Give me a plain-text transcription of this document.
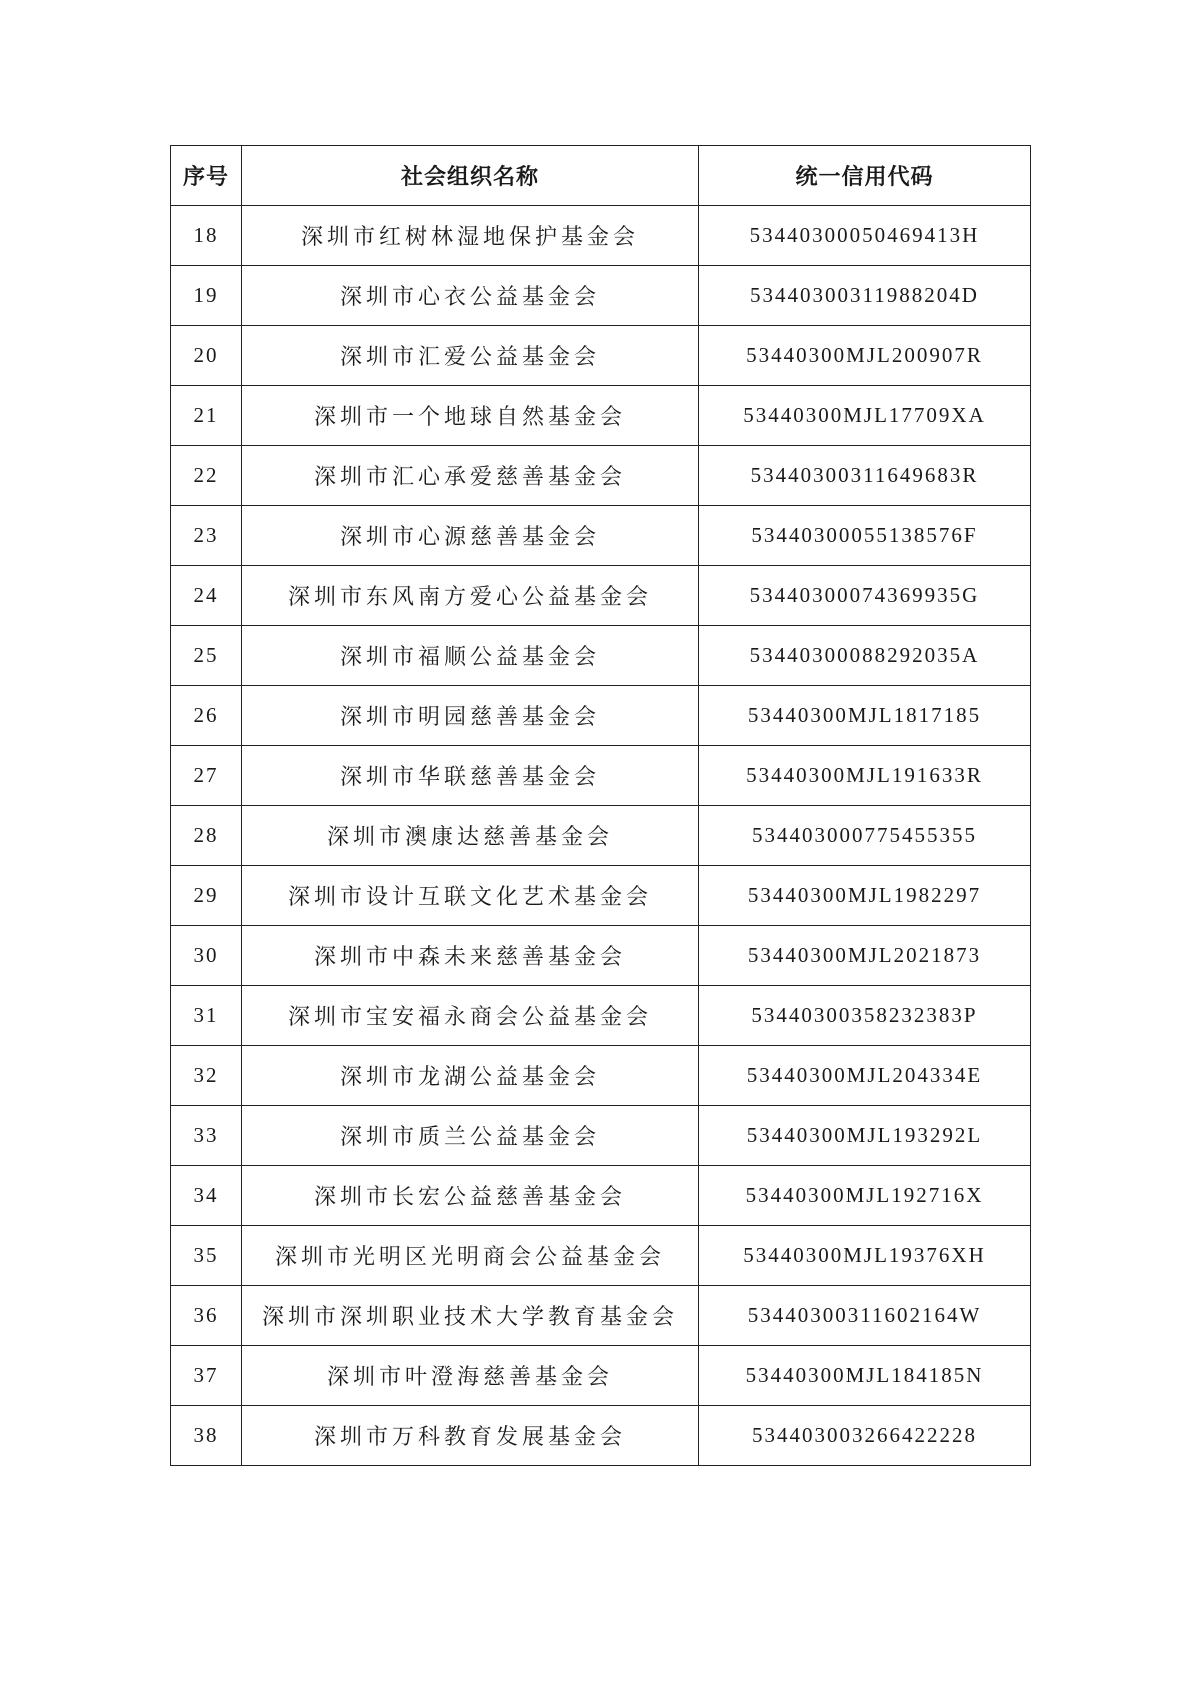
序号	社会组织名称	统一信用代码
18	深圳市红树林湿地保护基金会	53440300050469413H
19	深圳市心衣公益基金会	53440300311988204D
20	深圳市汇爱公益基金会	53440300MJL200907R
21	深圳市一个地球自然基金会	53440300MJL17709XA
22	深圳市汇心承爱慈善基金会	53440300311649683R
23	深圳市心源慈善基金会	53440300055138576F
24	深圳市东风南方爱心公益基金会	53440300074369935G
25	深圳市福顺公益基金会	53440300088292035A
26	深圳市明园慈善基金会	53440300MJL1817185
27	深圳市华联慈善基金会	53440300MJL191633R
28	深圳市澳康达慈善基金会	534403000775455355
29	深圳市设计互联文化艺术基金会	53440300MJL1982297
30	深圳市中森未来慈善基金会	53440300MJL2021873
31	深圳市宝安福永商会公益基金会	53440300358232383P
32	深圳市龙湖公益基金会	53440300MJL204334E
33	深圳市质兰公益基金会	53440300MJL193292L
34	深圳市长宏公益慈善基金会	53440300MJL192716X
35	深圳市光明区光明商会公益基金会	53440300MJL19376XH
36	深圳市深圳职业技术大学教育基金会	53440300311602164W
37	深圳市叶澄海慈善基金会	53440300MJL184185N
38	深圳市万科教育发展基金会	534403003266422228
